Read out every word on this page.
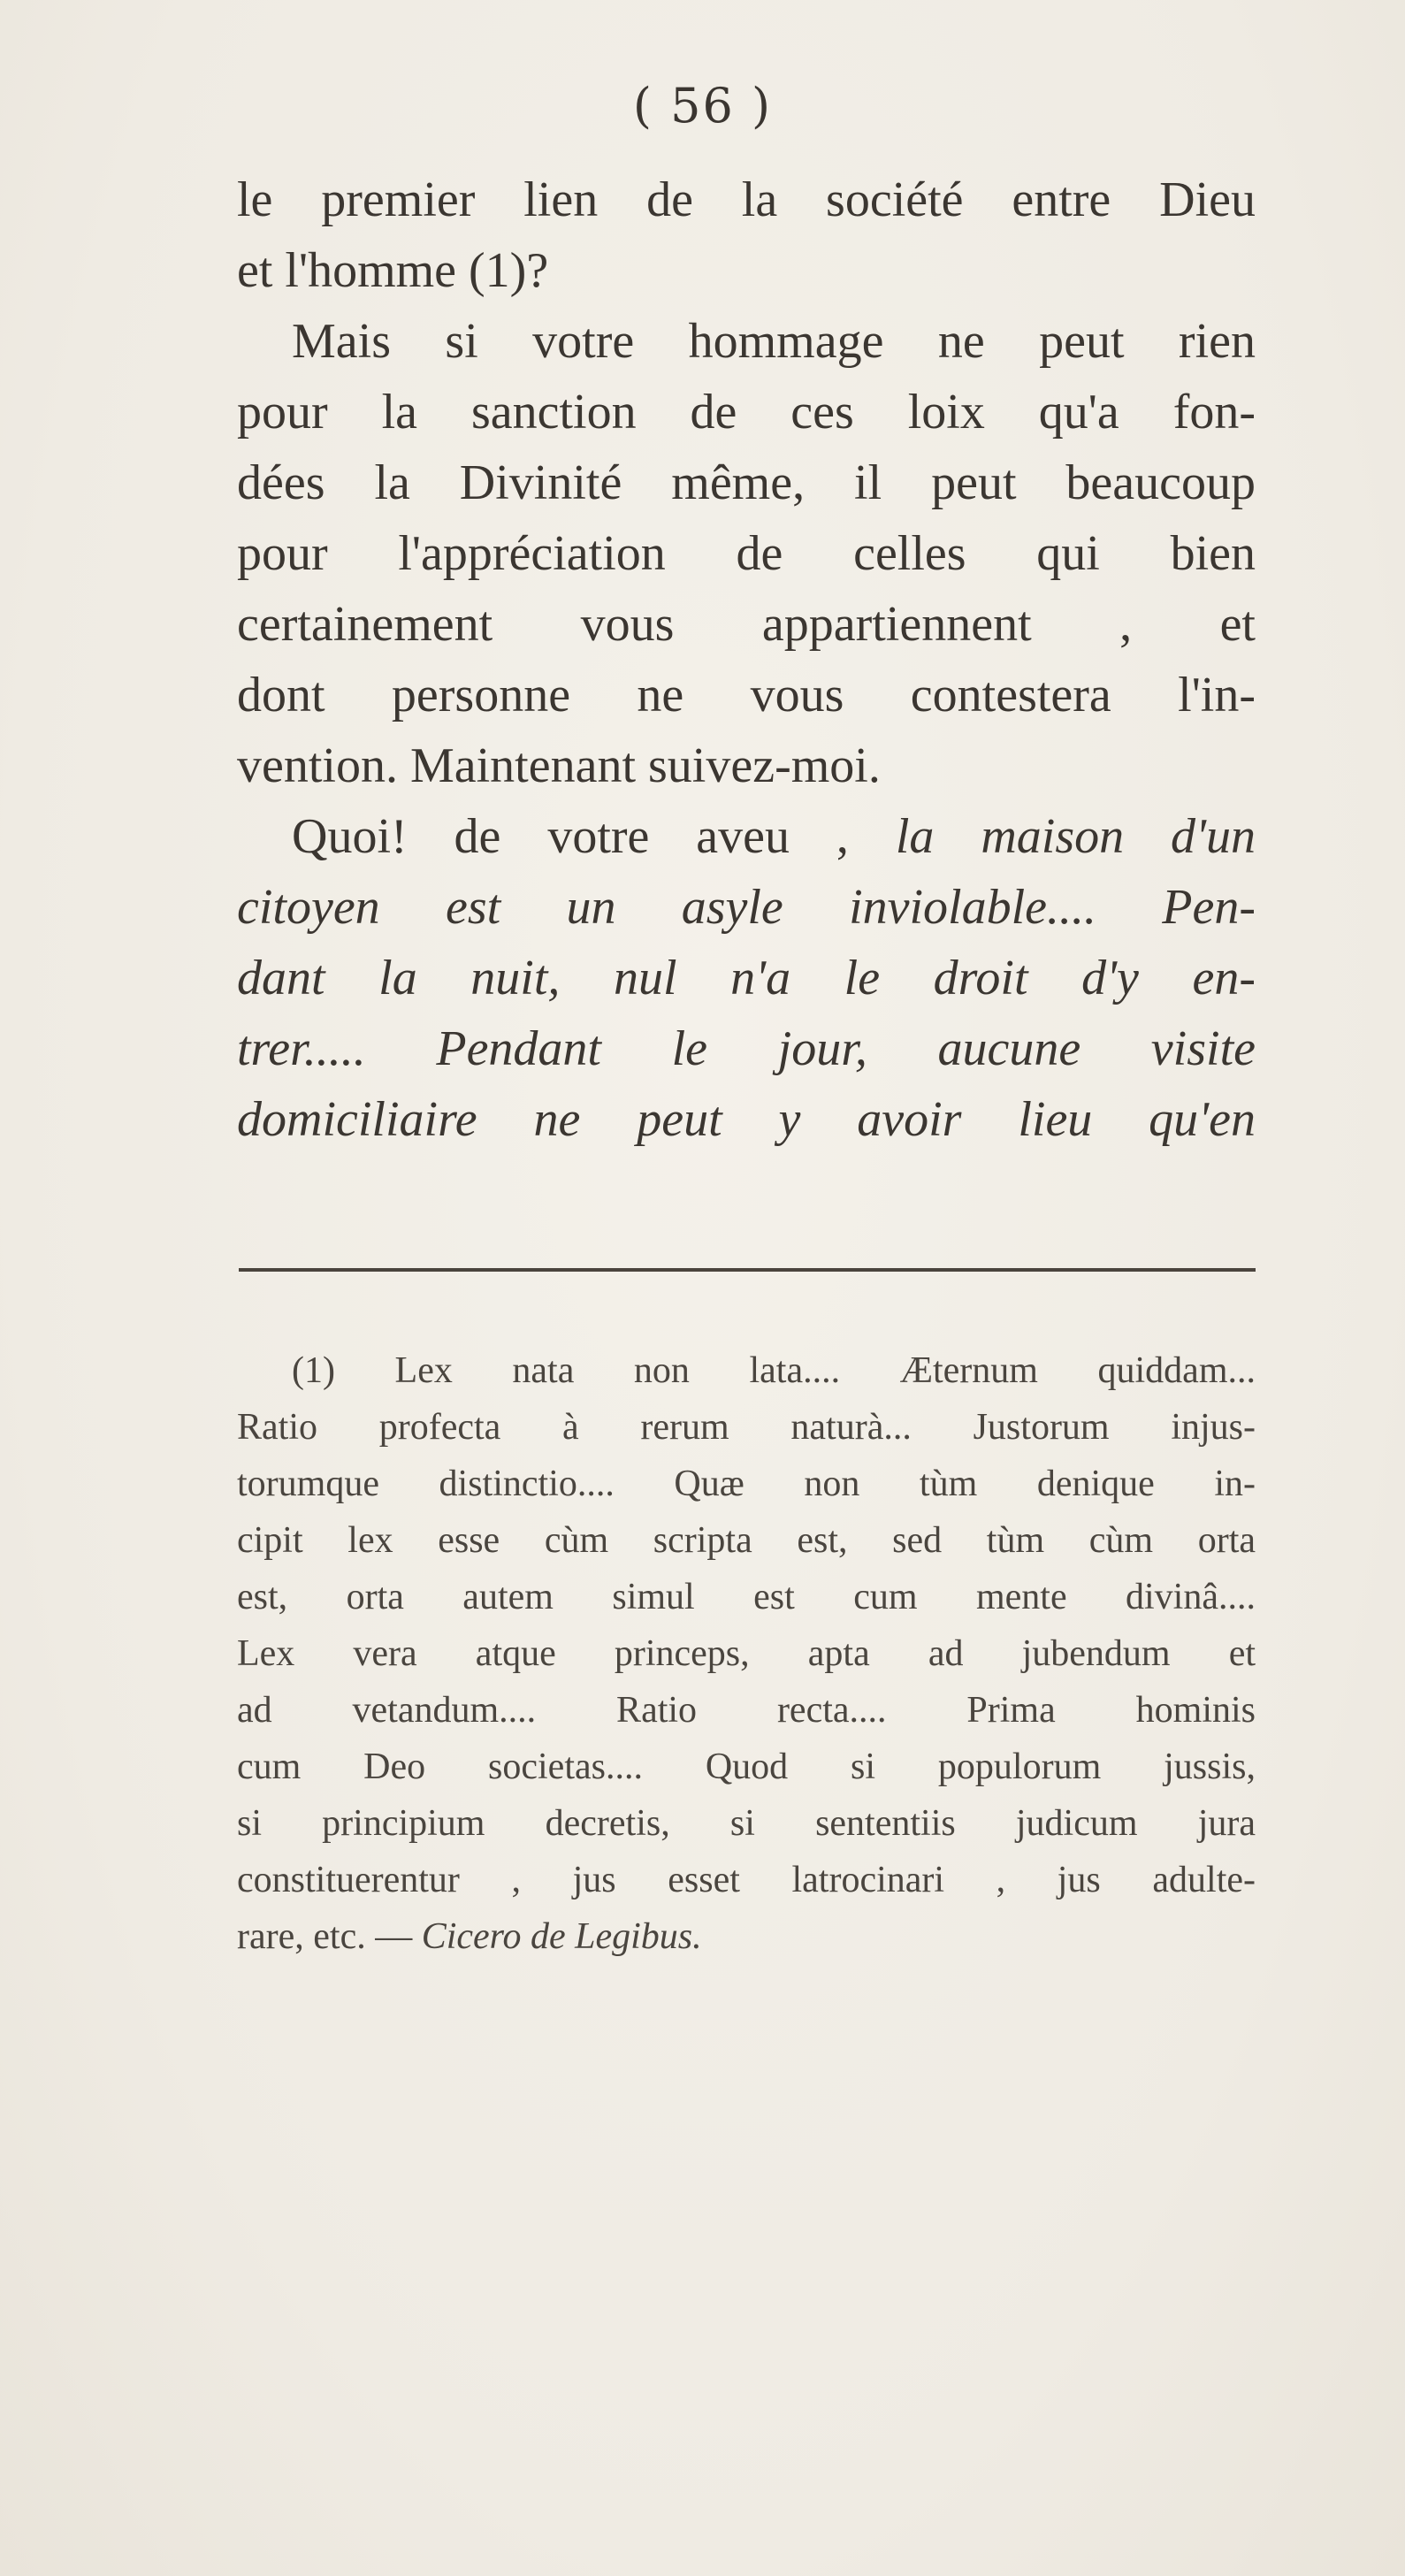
( 56 )
le premier lien de la société entre Dieu
et l'homme (1)?
Mais si votre hommage ne peut rien
pour la sanction de ces loix qu'a fon-
dées la Divinité même, il peut beaucoup
pour l'appréciation de celles qui bien
certainement vous appartiennent , et
dont personne ne vous contestera l'in-
vention. Maintenant suivez-moi.
Quoi! de votre aveu , la maison d'un
citoyen est un asyle inviolable.... Pen-
dant la nuit, nul n'a le droit d'y en-
trer..... Pendant le jour, aucune visite
domiciliaire ne peut y avoir lieu qu'en
(1) Lex nata non lata.... Æternum quiddam...
Ratio profecta à rerum naturà... Justorum injus-
torumque distinctio.... Quæ non tùm denique in-
cipit lex esse cùm scripta est, sed tùm cùm orta
est, orta autem simul est cum mente divinâ....
Lex vera atque princeps, apta ad jubendum et
ad vetandum.... Ratio recta.... Prima hominis
cum Deo societas.... Quod si populorum jussis,
si principium decretis, si sententiis judicum jura
constituerentur , jus esset latrocinari , jus adulte-
rare, etc. — Cicero de Legibus.
